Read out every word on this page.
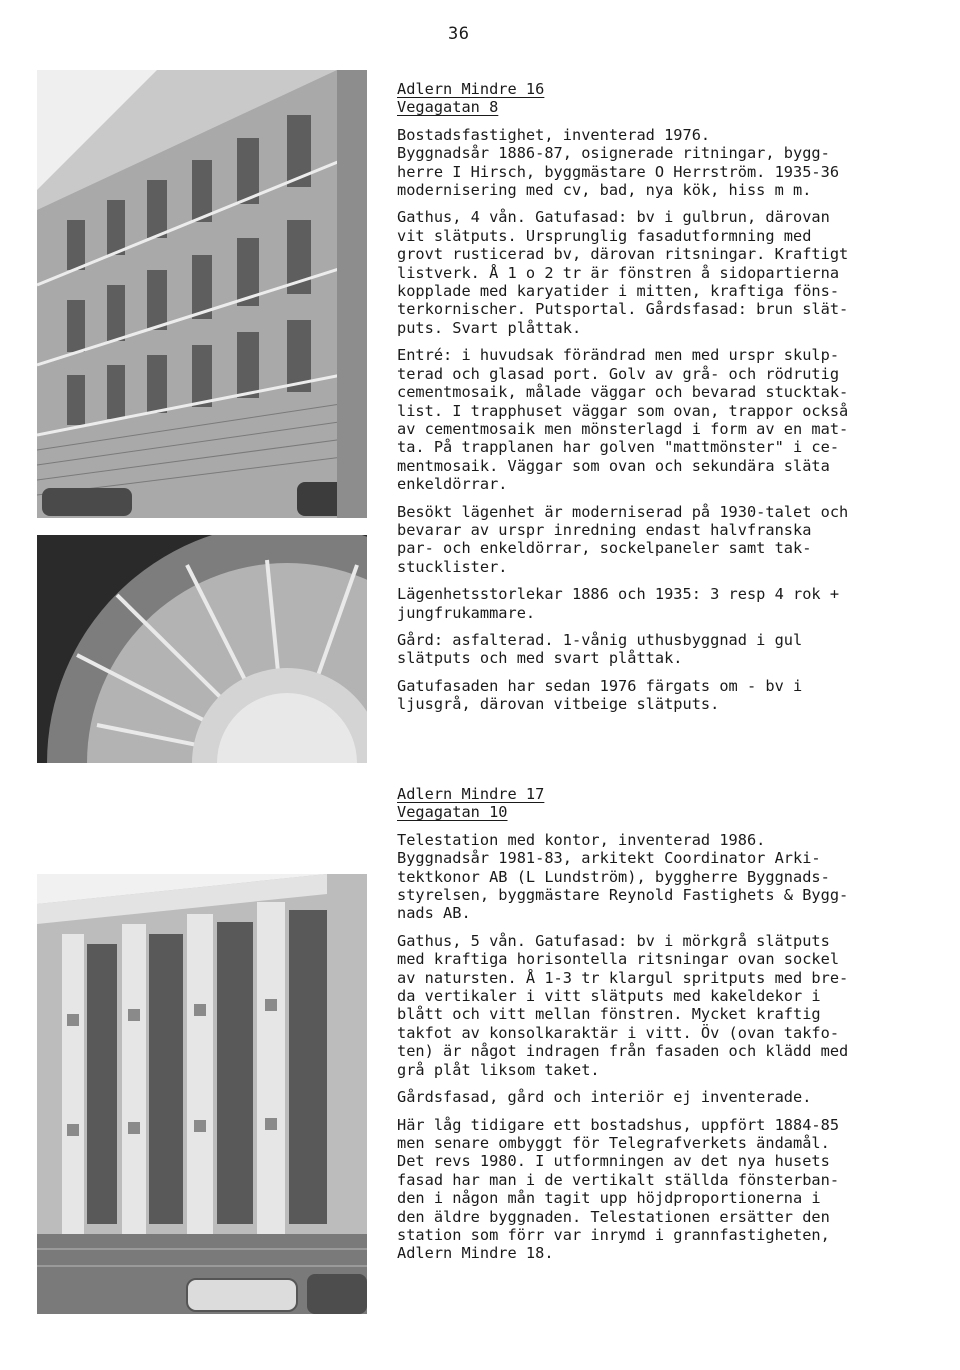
36
Adlern Mindre 16
Vegagatan 8

Bostadsfastighet, inventerad 1976.
Byggnadsår 1886-87, osignerade ritningar, bygg-
herre I Hirsch, byggmästare O Herrström. 1935-36
modernisering med cv, bad, nya kök, hiss m m.

Gathus, 4 vån. Gatufasad: bv i gulbrun, därovan
vit slätputs. Ursprunglig fasadutformning med
grovt rusticerad bv, därovan ritsningar. Kraftigt
listverk. Å 1 o 2 tr är fönstren å sidopartierna
kopplade med karyatider i mitten, kraftiga föns-
terkornischer. Putsportal. Gårdsfasad: brun slät-
puts. Svart plåttak.

Entré: i huvudsak förändrad men med urspr skulp-
terad och glasad port. Golv av grå- och rödrutig
cementmosaik, målade väggar och bevarad stucktak-
list. I trapphuset väggar som ovan, trappor också
av cementmosaik men mönsterlagd i form av en mat-
ta. På trapplanen har golven "mattmönster" i ce-
mentmosaik. Väggar som ovan och sekundära släta
enkeldörrar.

Besökt lägenhet är moderniserad på 1930-talet och
bevarar av urspr inredning endast halvfranska
par- och enkeldörrar, sockelpaneler samt tak-
stucklister.

Lägenhetsstorlekar 1886 och 1935: 3 resp 4 rok +
jungfrukammare.

Gård: asfalterad. 1-vånig uthusbyggnad i gul
slätputs och med svart plåttak.

Gatufasaden har sedan 1976 färgats om - bv i
ljusgrå, därovan vitbeige slätputs.

Adlern Mindre 17
Vegagatan 10

Telestation med kontor, inventerad 1986.
Byggnadsår 1981-83, arkitekt Coordinator Arki-
tektkonor AB (L Lundström), byggherre Byggnads-
styrelsen, byggmästare Reynold Fastighets & Bygg-
nads AB.

Gathus, 5 vån. Gatufasad: bv i mörkgrå slätputs
med kraftiga horisontella ritsningar ovan sockel
av natursten. Å 1-3 tr klargul spritputs med bre-
da vertikaler i vitt slätputs med kakeldekor i
blått och vitt mellan fönstren. Mycket kraftig
takfot av konsolkaraktär i vitt. Öv (ovan takfo-
ten) är något indragen från fasaden och klädd med
grå plåt liksom taket.

Gårdsfasad, gård och interiör ej inventerade.

Här låg tidigare ett bostadshus, uppfört 1884-85
men senare ombyggt för Telegrafverkets ändamål.
Det revs 1980. I utformningen av det nya husets
fasad har man i de vertikalt ställda fönsterban-
den i någon mån tagit upp höjdproportionerna i
den äldre byggnaden. Telestationen ersätter den
station som förr var inrymd i grannfastigheten,
Adlern Mindre 18.
